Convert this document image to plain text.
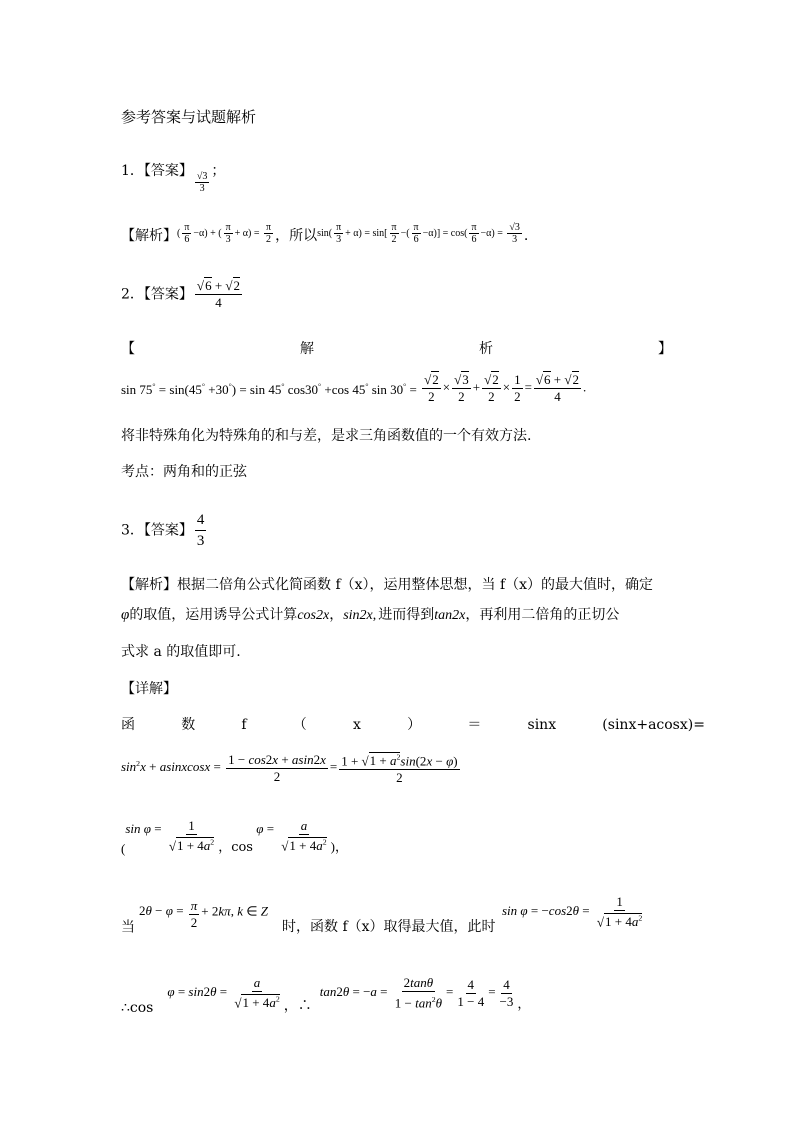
参考答案与试题解析
1．【答案】 $\frac{√3}{3}$ ；
【解析】$^{( \frac{\pi}{6} -\alpha) + ( \frac{\pi}{3} + \alpha) = \frac{\pi}{2}}$ ，所以$^{sin( \frac{\pi}{3} + \alpha) = sin[ \frac{\pi}{2} -( \frac{\pi}{6} -\alpha)] = cos( \frac{\pi}{6} -\alpha) = \frac{√3}{3}}$ .
2．【答案】 $\frac{√6 + √2}{4}$
【	解	析	】
sin 75° = sin(45° +30°) = sin 45° cos30° +cos 45° $\sin 30^\circ = \frac{√2}{2} \times \frac{√3}{2} + \frac{√2}{2} \times \frac{1}{2} = \frac{√6 + √2}{4}$ .
将非特殊角化为特殊角的和与差，是求三角函数值的一个有效方法.
考点：两角和的正弦
3．【答案】 $\frac{4}{3}$
【解析】根据二倍角公式化简函数 f（x），运用整体思想，当 f（x）的最大值时，确定
φ的取值，运用诱导公式计算cos2x，sin2x, 进而得到tan2x，再利用二倍角的正切公
式求 a 的取值即可.
【详解】
函	数	f	（	x	）	＝	sinx	(sinx+acosx)=
$\sin^2x$ + asinxcosx = $\frac{1 - \cos 2x + asin2x}{2} = \frac{1 + √1 + a^2\sin(2x - \varphi)}{2}$
(sin $\varphi = \frac{1}{√1 + 4a^2}$ ，$\cos \varphi = \frac{a}{√1 + 4a^2}$ )，
当$2\theta - \varphi = \frac{\pi}{2} + 2k\pi$, k ∈ Z时，函数 f（x）取得最大值，此时
$\sin \varphi = -\cos 2\theta = \frac{1}{√1 + 4a^2}$
∴cosφ = $\sin 2\theta = \frac{a}{√1 + 4a^2}$ ，∴tan2θ = $-a = \frac{2\tan\theta}{1 - \tan^2\theta} = \frac{4}{1 - 4} = \frac{4}{-3}$ ，
